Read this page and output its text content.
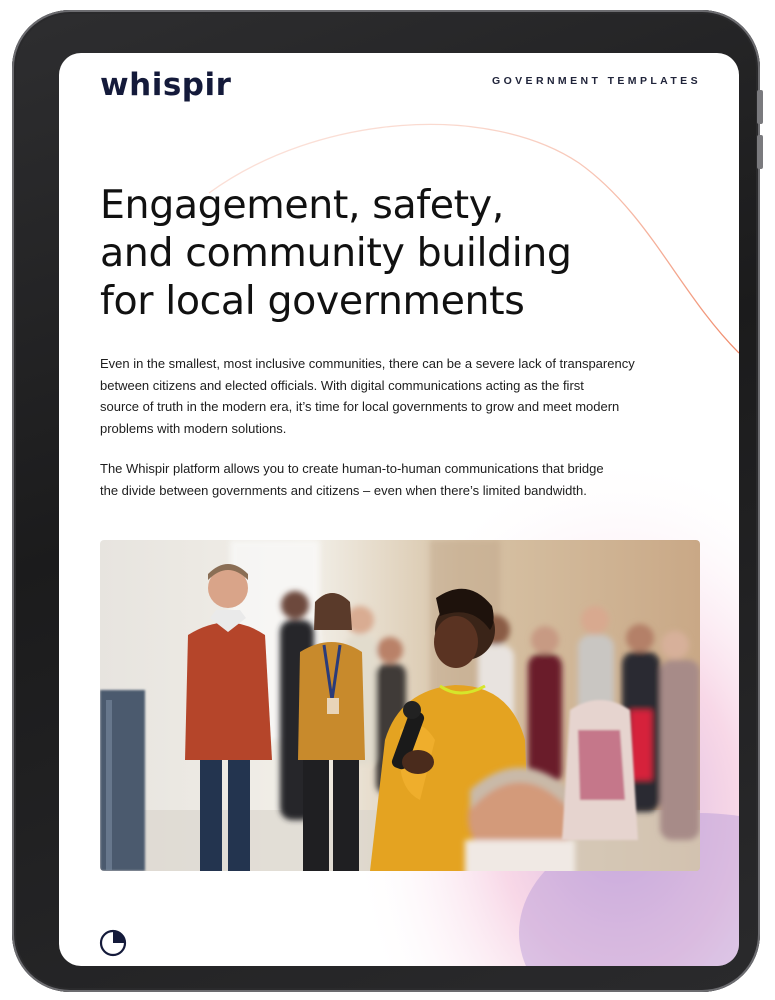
whispir	GOVERNMENT TEMPLATES
Engagement, safety,
and community building
for local governments

Even in the smallest, most inclusive communities, there can be a severe lack of transparency
between citizens and elected officials. With digital communications acting as the first
source of truth in the modern era, it’s time for local governments to grow and meet modern
problems with modern solutions.

The Whispir platform allows you to create human-to-human communications that bridge
the divide between governments and citizens – even when there’s limited bandwidth.
